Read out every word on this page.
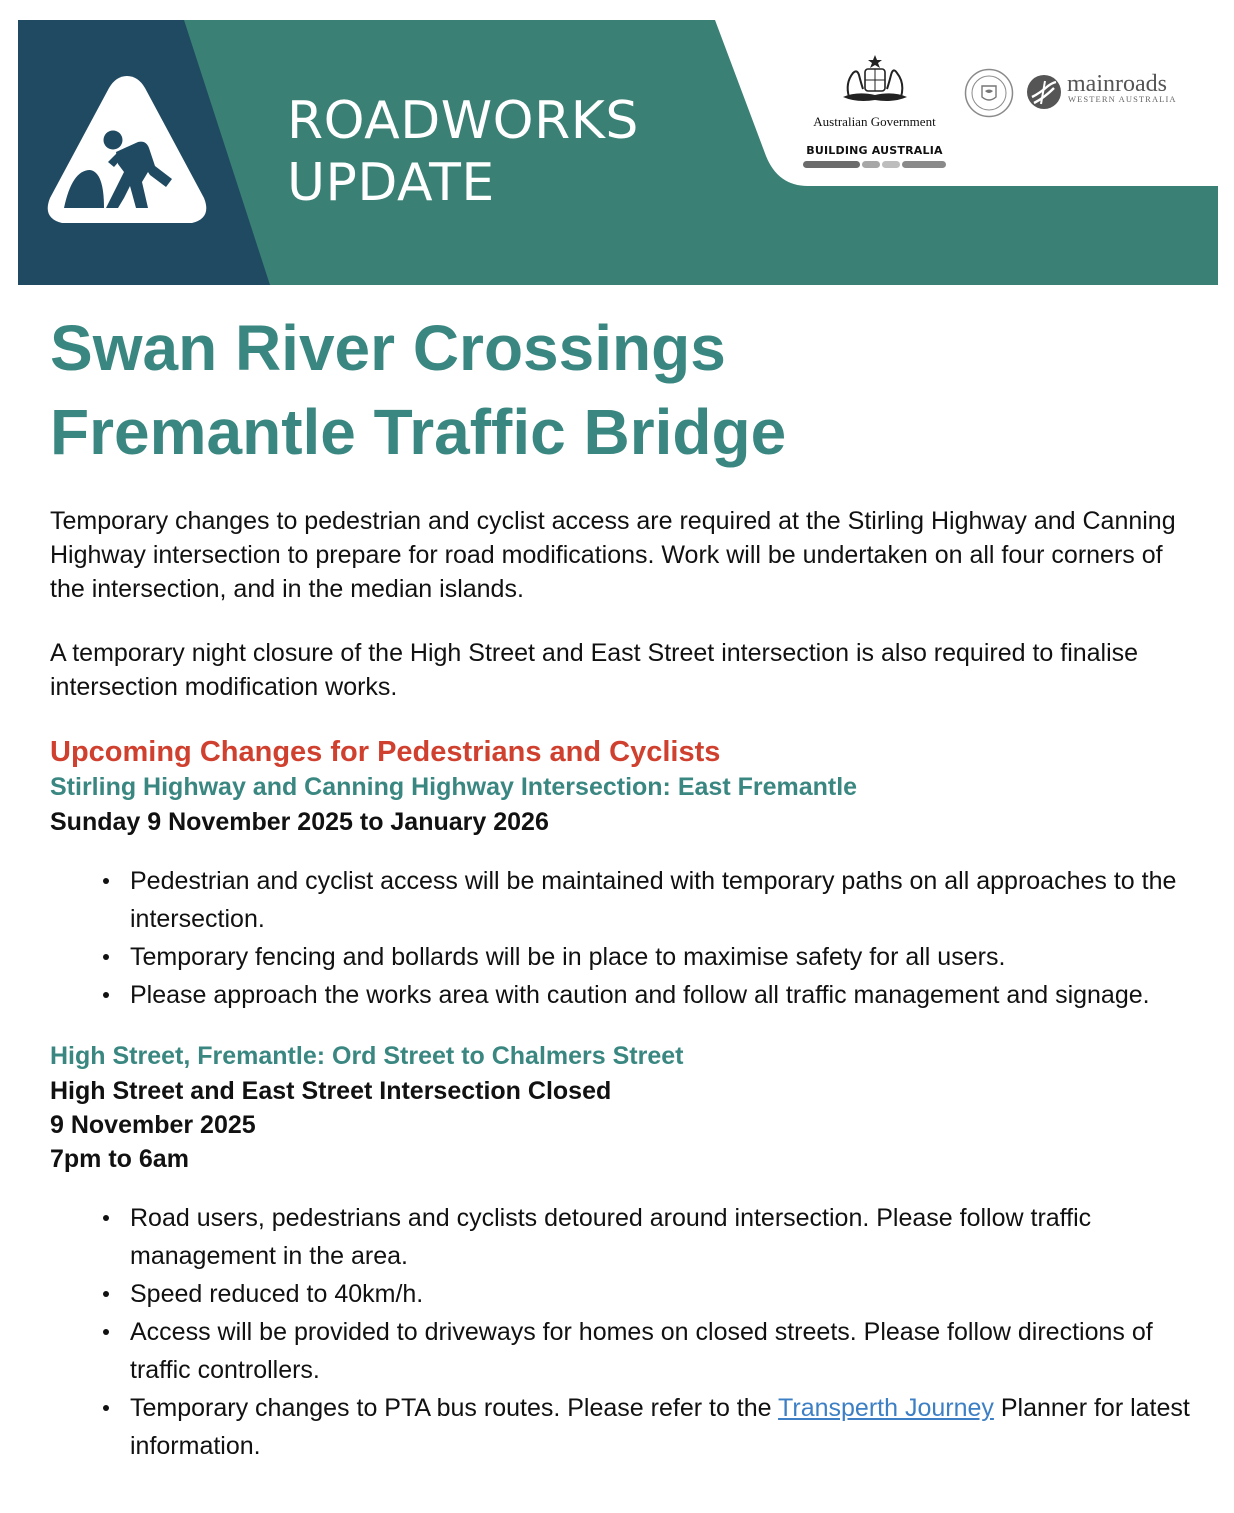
ROADWORKS
UPDATE
Australian Government
BUILDING AUSTRALIA
mainroads
WESTERN AUSTRALIA
Swan River Crossings
Fremantle Traffic Bridge

Temporary changes to pedestrian and cyclist access are required at the Stirling Highway and Canning Highway intersection to prepare for road modifications. Work will be undertaken on all four corners of the intersection, and in the median islands.

A temporary night closure of the High Street and East Street intersection is also required to finalise intersection modification works.

Upcoming Changes for Pedestrians and Cyclists
Stirling Highway and Canning Highway Intersection: East Fremantle
Sunday 9 November 2025 to January 2026
Pedestrian and cyclist access will be maintained with temporary paths on all approaches to the intersection.
Temporary fencing and bollards will be in place to maximise safety for all users.
Please approach the works area with caution and follow all traffic management and signage.
High Street, Fremantle: Ord Street to Chalmers Street
High Street and East Street Intersection Closed
9 November 2025
7pm to 6am
Road users, pedestrians and cyclists detoured around intersection. Please follow traffic management in the area.
Speed reduced to 40km/h.
Access will be provided to driveways for homes on closed streets. Please follow directions of traffic controllers.
Temporary changes to PTA bus routes. Please refer to the Transperth Journey Planner for latest information.
